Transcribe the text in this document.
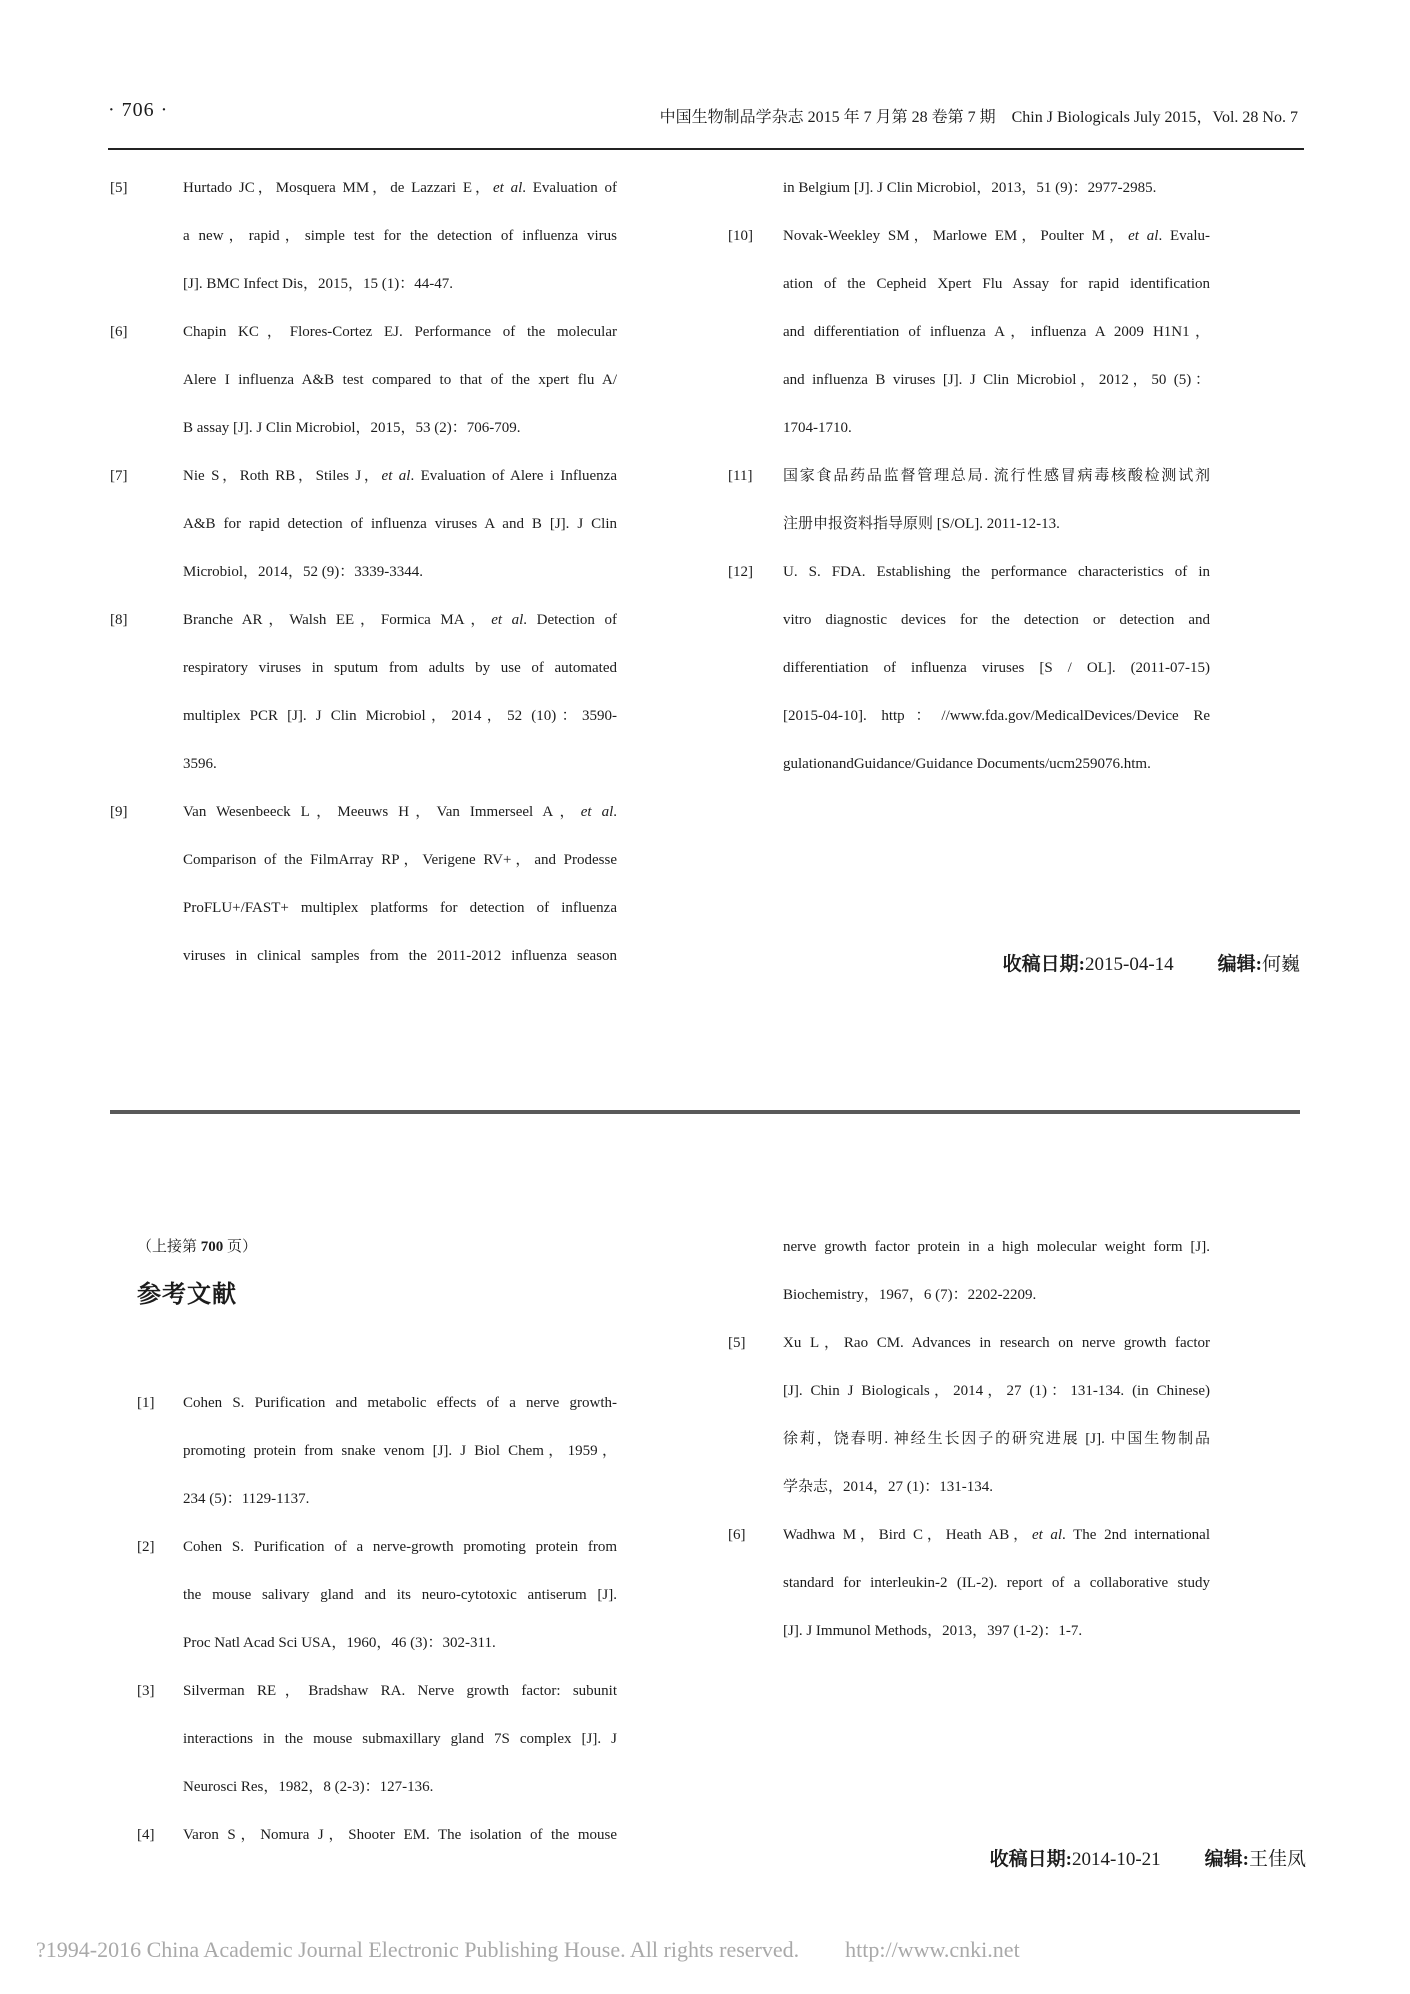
· 706 ·	中国生物制品学杂志 2015 年 7 月第 28 卷第 7 期　Chin J Biologicals July 2015，Vol. 28 No. 7
[5]	Hurtado JC，Mosquera MM，de Lazzari E，et al. Evaluation of
a new，rapid，simple test for the detection of influenza virus
[J]. BMC Infect Dis，2015，15 (1)：44-47.
[6]	Chapin KC，Flores-Cortez EJ. Performance of the molecular
Alere I influenza A&B test compared to that of the xpert flu A/
B assay [J]. J Clin Microbiol，2015，53 (2)：706-709.
[7]	Nie S，Roth RB，Stiles J，et al. Evaluation of Alere i Influenza
A&B for rapid detection of influenza viruses A and B [J]. J Clin
Microbiol，2014，52 (9)：3339-3344.
[8]	Branche AR，Walsh EE，Formica MA，et al. Detection of
respiratory viruses in sputum from adults by use of automated
multiplex PCR [J]. J Clin Microbiol，2014，52 (10)：3590-
3596.
[9]	Van Wesenbeeck L，Meeuws H，Van Immerseel A，et al.
Comparison of the FilmArray RP，Verigene RV+，and Prodesse
ProFLU+/FAST+ multiplex platforms for detection of influenza
viruses in clinical samples from the 2011-2012 influenza season
in Belgium [J]. J Clin Microbiol，2013，51 (9)：2977-2985.
[10] Novak-Weekley SM，Marlowe EM，Poulter M，et al. Evalu-
ation of the Cepheid Xpert Flu Assay for rapid identification
and differentiation of influenza A，influenza A 2009 H1N1，
and influenza B viruses [J]. J Clin Microbiol，2012，50 (5)：
1704-1710.
[11] 国家食品药品监督管理总局. 流行性感冒病毒核酸检测试剂
注册申报资料指导原则 [S/OL]. 2011-12-13.
[12] U. S. FDA. Establishing the performance characteristics of in
vitro diagnostic devices for the detection or detection and
differentiation of influenza viruses [S / OL]. (2011-07-15)
[2015-04-10]. http：//www.fda.gov/MedicalDevices/Device Re
gulationandGuidance/Guidance Documents/ucm259076.htm.
收稿日期: 2015-04-14 编辑: 何巍
（上接第 700 页）
参考文献
[1] Cohen S. Purification and metabolic effects of a nerve growth-
promoting protein from snake venom [J]. J Biol Chem，1959，
234 (5)：1129-1137.
[2] Cohen S. Purification of a nerve-growth promoting protein from
the mouse salivary gland and its neuro-cytotoxic antiserum [J].
Proc Natl Acad Sci USA，1960，46 (3)：302-311.
[3] Silverman RE，Bradshaw RA. Nerve growth factor: subunit
interactions in the mouse submaxillary gland 7S complex [J]. J
Neurosci Res，1982，8 (2-3)：127-136.
[4] Varon S，Nomura J，Shooter EM. The isolation of the mouse
nerve growth factor protein in a high molecular weight form [J].
Biochemistry，1967，6 (7)：2202-2209.
[5]	Xu L，Rao CM. Advances in research on nerve growth factor
[J]. Chin J Biologicals，2014，27 (1)：131-134. (in Chinese)
徐莉，饶春明. 神经生长因子的研究进展 [J]. 中国生物制品
学杂志，2014，27 (1)：131-134.
[6]	Wadhwa M，Bird C，Heath AB，et al. The 2nd international
standard for interleukin-2 (IL-2). report of a collaborative study
[J]. J Immunol Methods，2013，397 (1-2)：1-7.
收稿日期: 2014-10-21 编辑: 王佳凤
?1994-2016 China Academic Journal Electronic Publishing House. All rights reserved. http://www.cnki.net
